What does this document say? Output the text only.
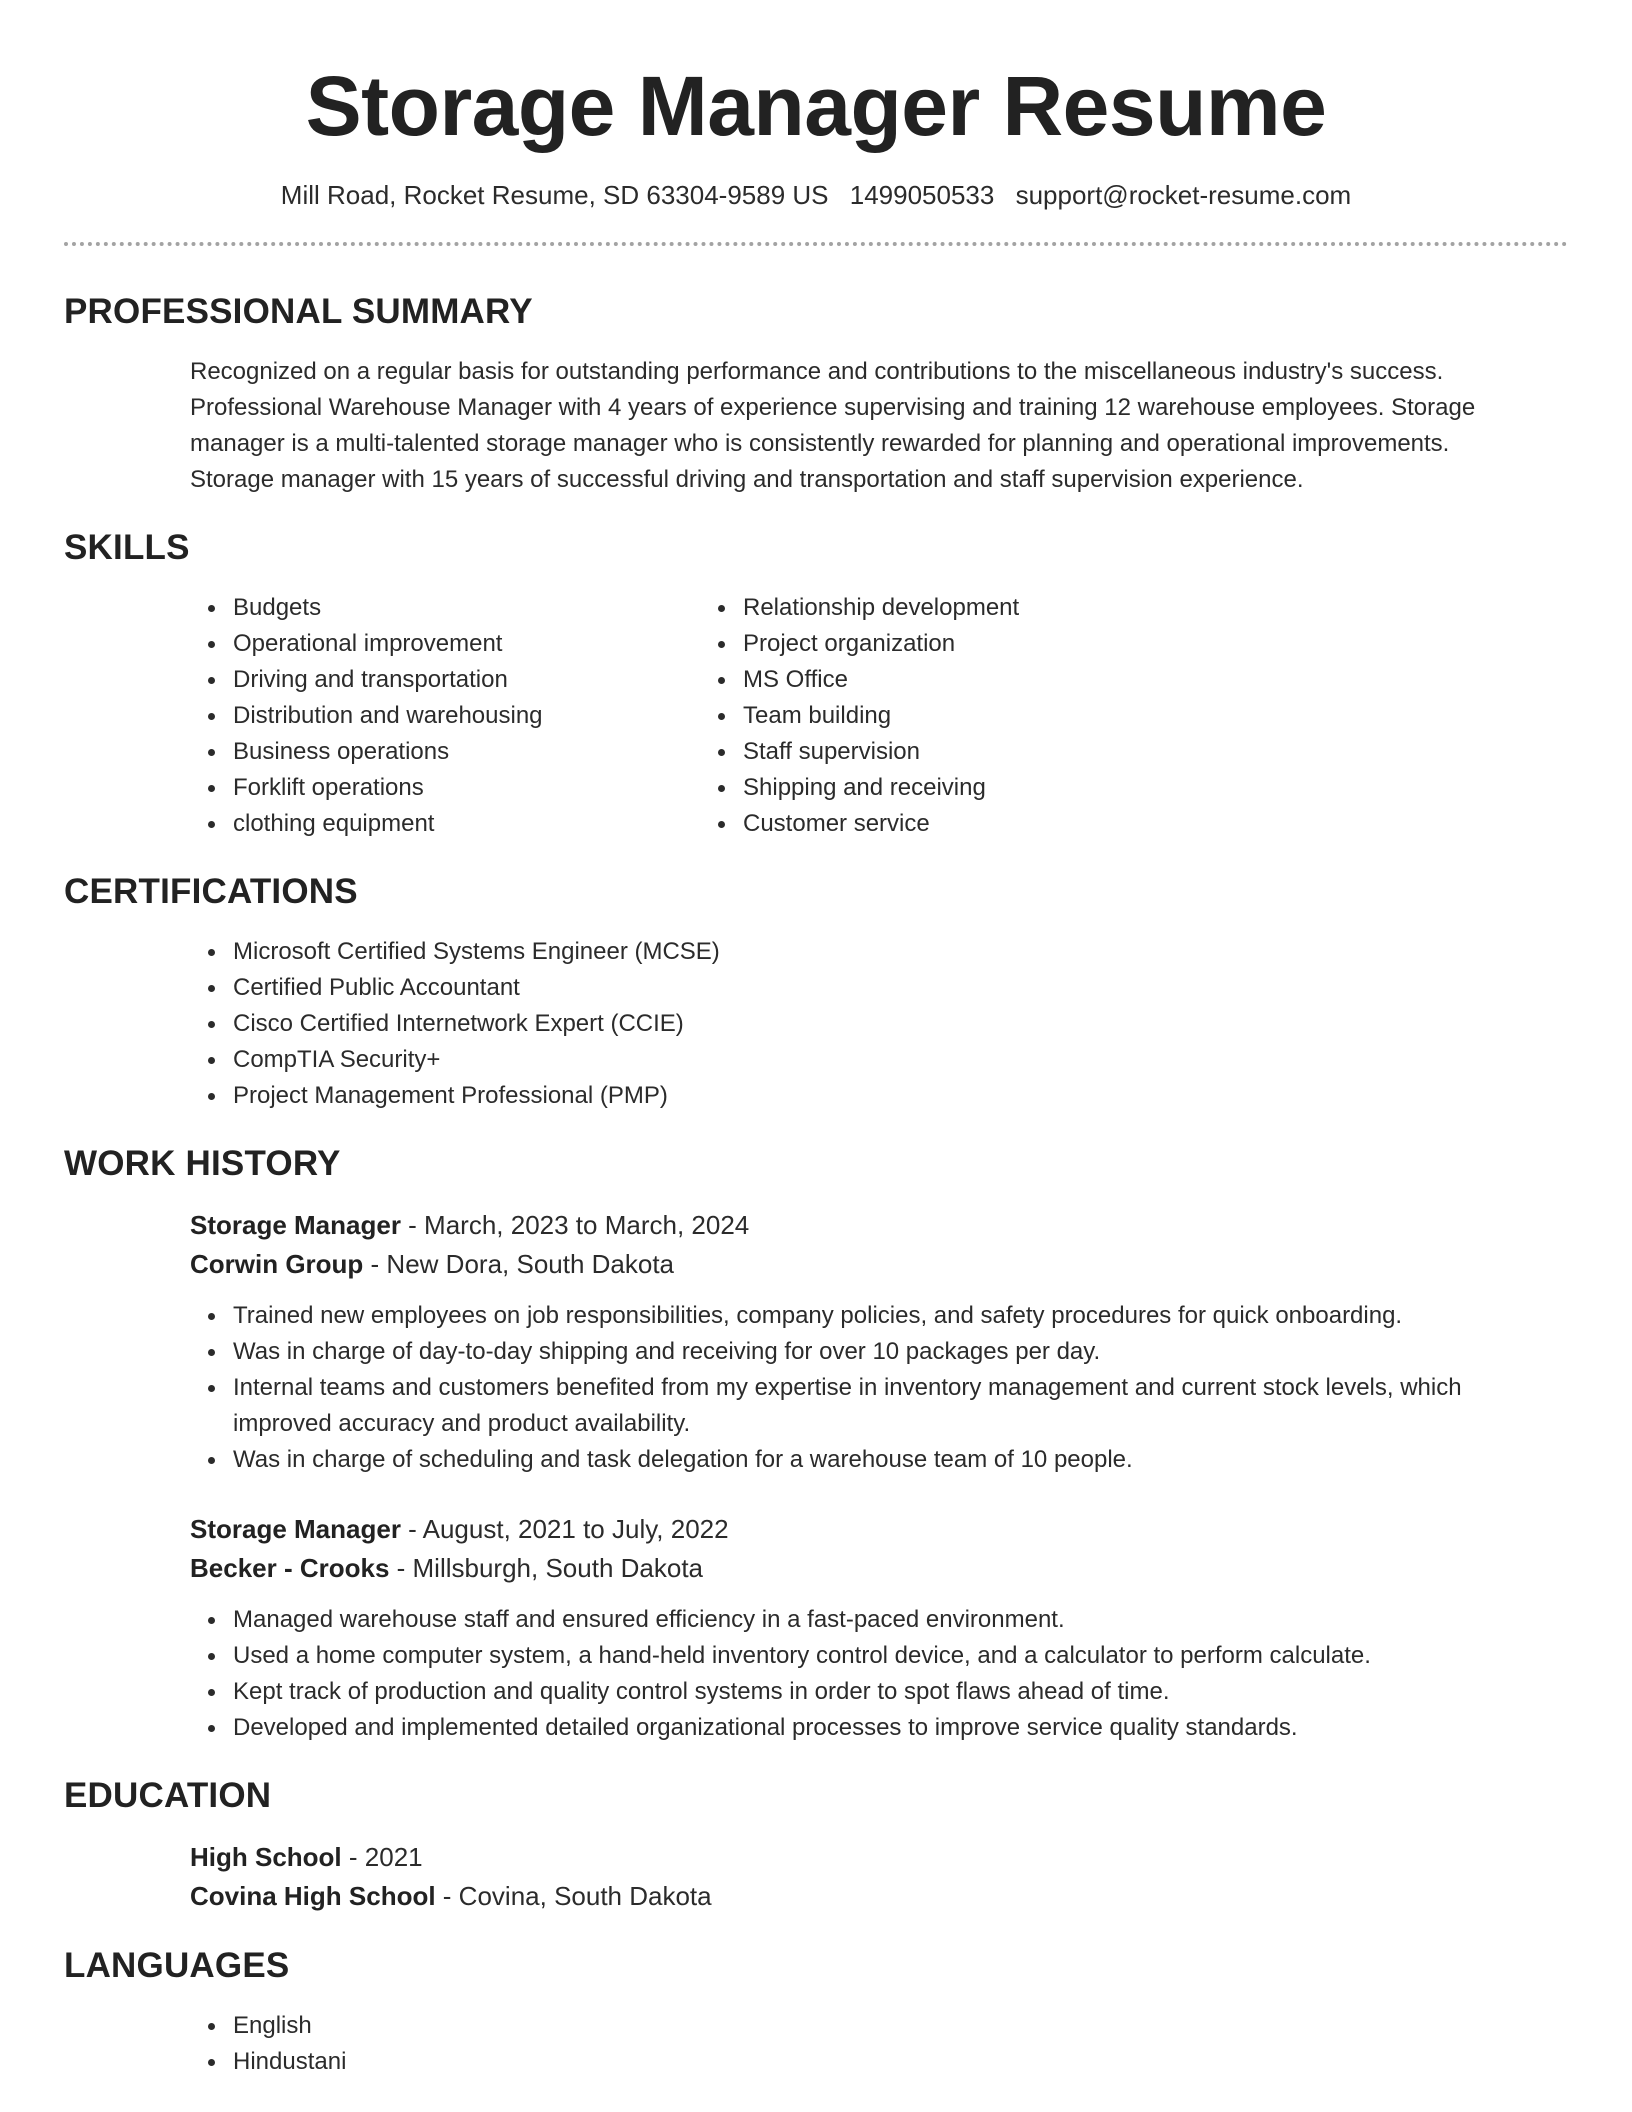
Storage Manager Resume
Mill Road, Rocket Resume, SD 63304-9589 US 1499050533 support@rocket-resume.com
PROFESSIONAL SUMMARY
Recognized on a regular basis for outstanding performance and contributions to the miscellaneous industry's success. Professional Warehouse Manager with 4 years of experience supervising and training 12 warehouse employees. Storage manager is a multi-talented storage manager who is consistently rewarded for planning and operational improvements. Storage manager with 15 years of successful driving and transportation and staff supervision experience.
SKILLS
Budgets
Operational improvement
Driving and transportation
Distribution and warehousing
Business operations
Forklift operations
clothing equipment
Relationship development
Project organization
MS Office
Team building
Staff supervision
Shipping and receiving
Customer service
CERTIFICATIONS
Microsoft Certified Systems Engineer (MCSE)
Certified Public Accountant
Cisco Certified Internetwork Expert (CCIE)
CompTIA Security+
Project Management Professional (PMP)
WORK HISTORY
Storage Manager - March, 2023 to March, 2024
Corwin Group - New Dora, South Dakota
Trained new employees on job responsibilities, company policies, and safety procedures for quick onboarding.
Was in charge of day-to-day shipping and receiving for over 10 packages per day.
Internal teams and customers benefited from my expertise in inventory management and current stock levels, which improved accuracy and product availability.
Was in charge of scheduling and task delegation for a warehouse team of 10 people.
Storage Manager - August, 2021 to July, 2022
Becker - Crooks - Millsburgh, South Dakota
Managed warehouse staff and ensured efficiency in a fast-paced environment.
Used a home computer system, a hand-held inventory control device, and a calculator to perform calculate.
Kept track of production and quality control systems in order to spot flaws ahead of time.
Developed and implemented detailed organizational processes to improve service quality standards.
EDUCATION
High School - 2021
Covina High School - Covina, South Dakota
LANGUAGES
English
Hindustani
